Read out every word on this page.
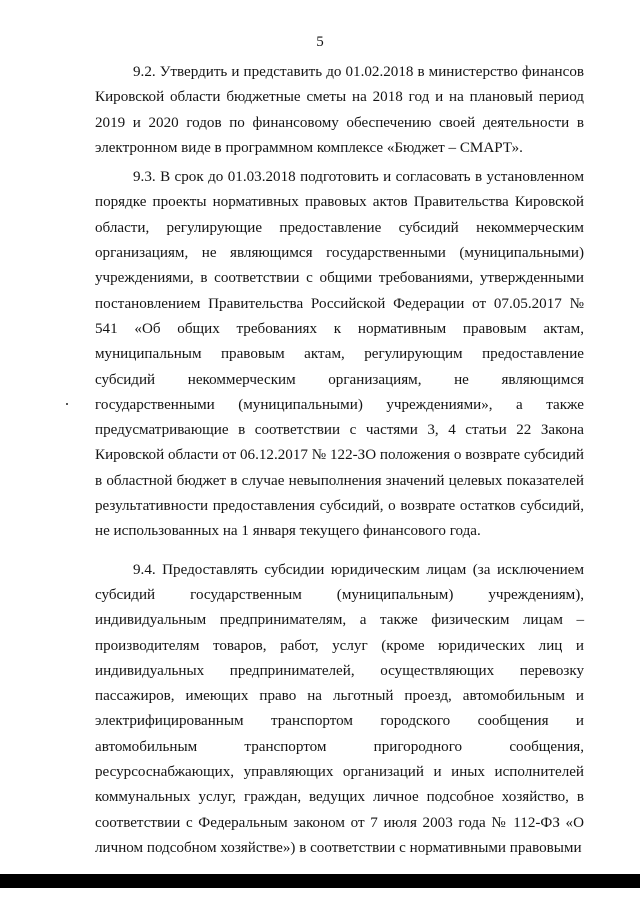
5

9.2. Утвердить и представить до 01.02.2018 в министерство финансов Кировской области бюджетные сметы на 2018 год и на плановый период 2019 и 2020 годов по финансовому обеспечению своей деятельности в электронном виде в программном комплексе «Бюджет – СМАРТ».

9.3. В срок до 01.03.2018 подготовить и согласовать в установленном порядке проекты нормативных правовых актов Правительства Кировской области, регулирующие предоставление субсидий некоммерческим организациям, не являющимся государственными (муниципальными) учреждениями, в соответствии с общими требованиями, утвержденными постановлением Правительства Российской Федерации от 07.05.2017 № 541 «Об общих требованиях к нормативным правовым актам, муниципальным правовым актам, регулирующим предоставление субсидий некоммерческим организациям, не являющимся государственными (муниципальными) учреждениями», а также предусматривающие в соответствии с частями 3, 4 статьи 22 Закона Кировской области от 06.12.2017 № 122-ЗО положения о возврате субсидий в областной бюджет в случае невыполнения значений целевых показателей результативности предоставления субсидий, о возврате остатков субсидий, не использованных на 1 января текущего финансового года.

9.4. Предоставлять субсидии юридическим лицам (за исключением субсидий государственным (муниципальным) учреждениям), индивидуальным предпринимателям, а также физическим лицам – производителям товаров, работ, услуг (кроме юридических лиц и индивидуальных предпринимателей, осуществляющих перевозку пассажиров, имеющих право на льготный проезд, автомобильным и электрифицированным транспортом городского сообщения и автомобильным транспортом пригородного сообщения, ресурсоснабжающих, управляющих организаций и иных исполнителей коммунальных услуг, граждан, ведущих личное подсобное хозяйство, в соответствии с Федеральным законом от 7 июля 2003 года № 112-ФЗ «О личном подсобном хозяйстве») в соответствии с нормативными правовыми
